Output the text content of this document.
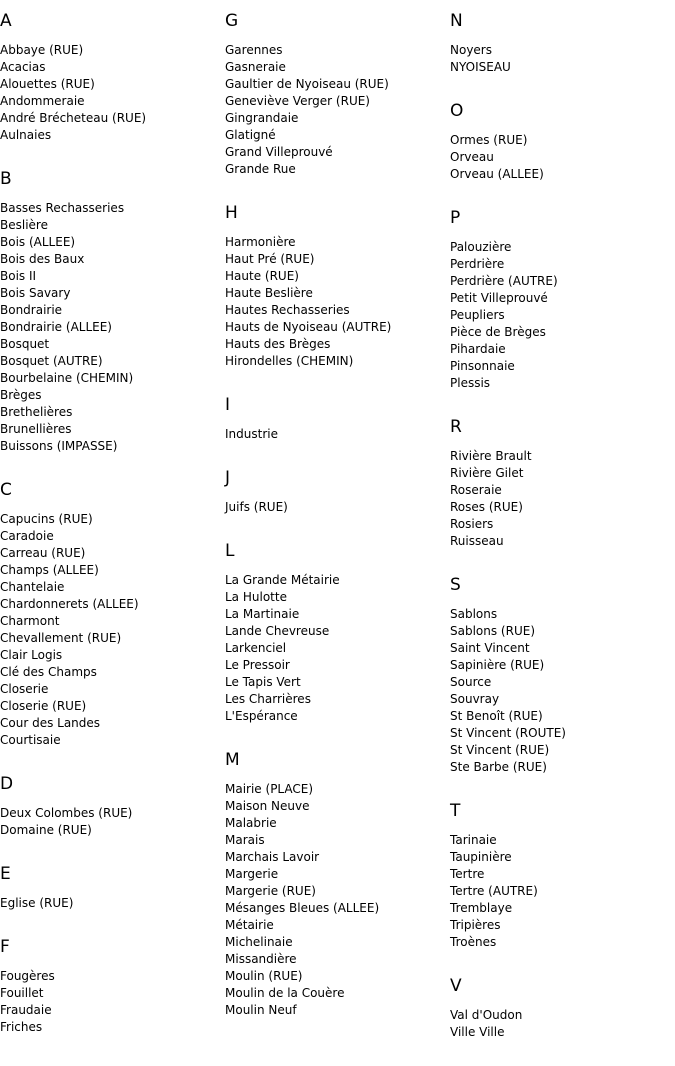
A
Abbaye (RUE)
Acacias
Alouettes (RUE)
Andommeraie
André Brécheteau (RUE)
Aulnaies
B
Basses Rechasseries
Beslière
Bois (ALLEE)
Bois des Baux
Bois II
Bois Savary
Bondrairie
Bondrairie (ALLEE)
Bosquet
Bosquet (AUTRE)
Bourbelaine (CHEMIN)
Brèges
Brethelières
Brunellières
Buissons (IMPASSE)
C
Capucins (RUE)
Caradoie
Carreau (RUE)
Champs (ALLEE)
Chantelaie
Chardonnerets (ALLEE)
Charmont
Chevallement (RUE)
Clair Logis
Clé des Champs
Closerie
Closerie (RUE)
Cour des Landes
Courtisaie
D
Deux Colombes (RUE)
Domaine (RUE)
E
Eglise (RUE)
F
Fougères
Fouillet
Fraudaie
Friches
G
Garennes
Gasneraie
Gaultier de Nyoiseau (RUE)
Geneviève Verger (RUE)
Gingrandaie
Glatigné
Grand Villeprouvé
Grande Rue
H
Harmonière
Haut Pré (RUE)
Haute (RUE)
Haute Beslière
Hautes Rechasseries
Hauts de Nyoiseau (AUTRE)
Hauts des Brèges
Hirondelles (CHEMIN)
I
Industrie
J
Juifs (RUE)
L
La Grande Métairie
La Hulotte
La Martinaie
Lande Chevreuse
Larkenciel
Le Pressoir
Le Tapis Vert
Les Charrières
L'Espérance
M
Mairie (PLACE)
Maison Neuve
Malabrie
Marais
Marchais Lavoir
Margerie
Margerie (RUE)
Mésanges Bleues (ALLEE)
Métairie
Michelinaie
Missandière
Moulin (RUE)
Moulin de la Couère
Moulin Neuf
N
Noyers
NYOISEAU
O
Ormes (RUE)
Orveau
Orveau (ALLEE)
P
Palouzière
Perdrière
Perdrière (AUTRE)
Petit Villeprouvé
Peupliers
Pièce de Brèges
Pihardaie
Pinsonnaie
Plessis
R
Rivière Brault
Rivière Gilet
Roseraie
Roses (RUE)
Rosiers
Ruisseau
S
Sablons
Sablons (RUE)
Saint Vincent
Sapinière (RUE)
Source
Souvray
St Benoît (RUE)
St Vincent (ROUTE)
St Vincent (RUE)
Ste Barbe (RUE)
T
Tarinaie
Taupinière
Tertre
Tertre (AUTRE)
Tremblaye
Tripières
Troènes
V
Val d'Oudon
Ville Ville
